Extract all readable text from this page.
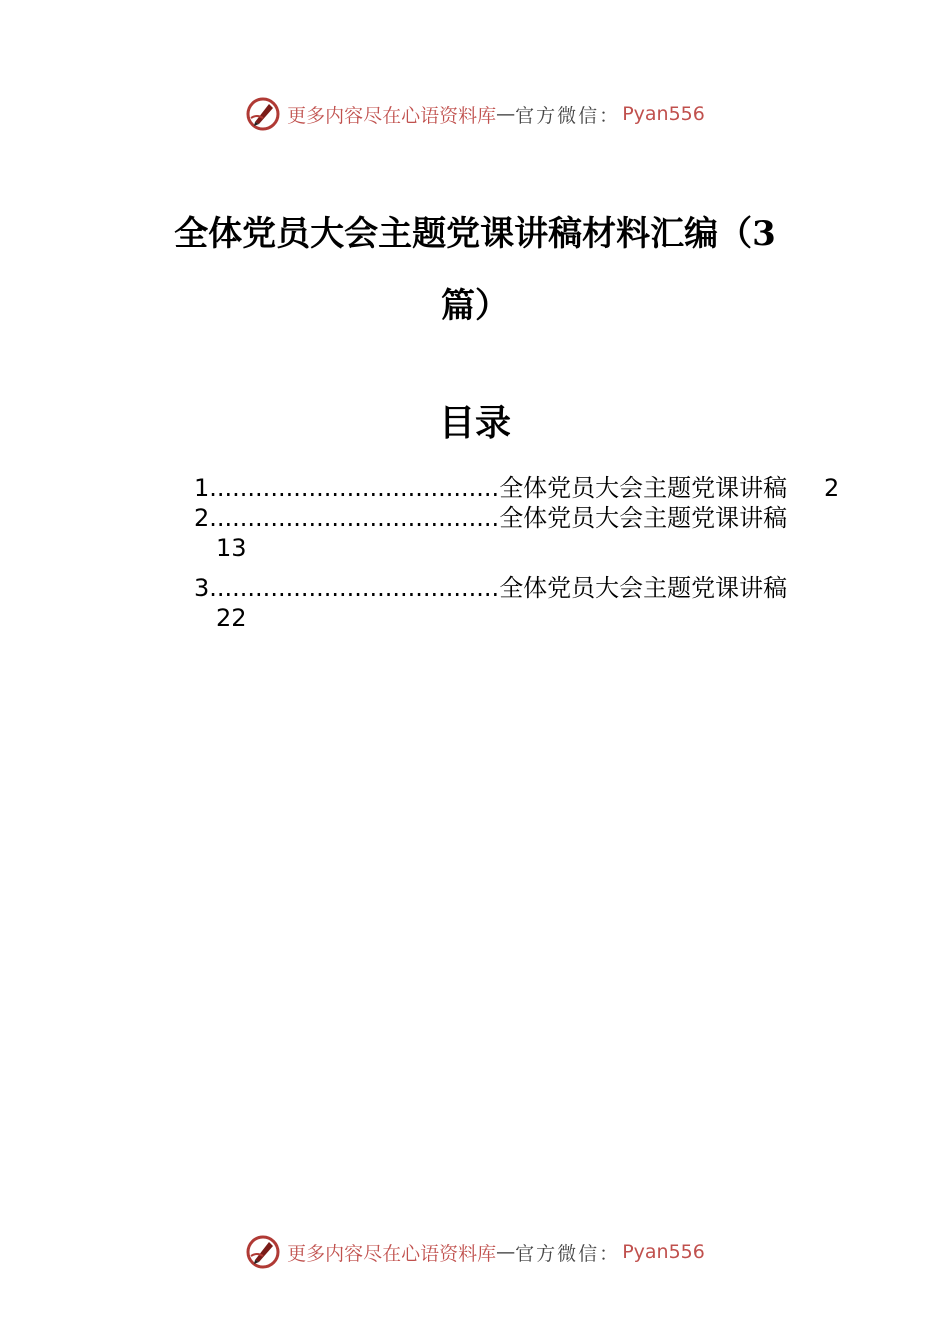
更多内容尽在心语资料库 — 官方微信： Pyan556
全体党员大会主题党课讲稿材料汇编（3
篇）
目录
1......................................全体党员大会主题党课讲稿 2
2......................................全体党员大会主题党课讲稿
13
3......................................全体党员大会主题党课讲稿
22
更多内容尽在心语资料库 — 官方微信： Pyan556
